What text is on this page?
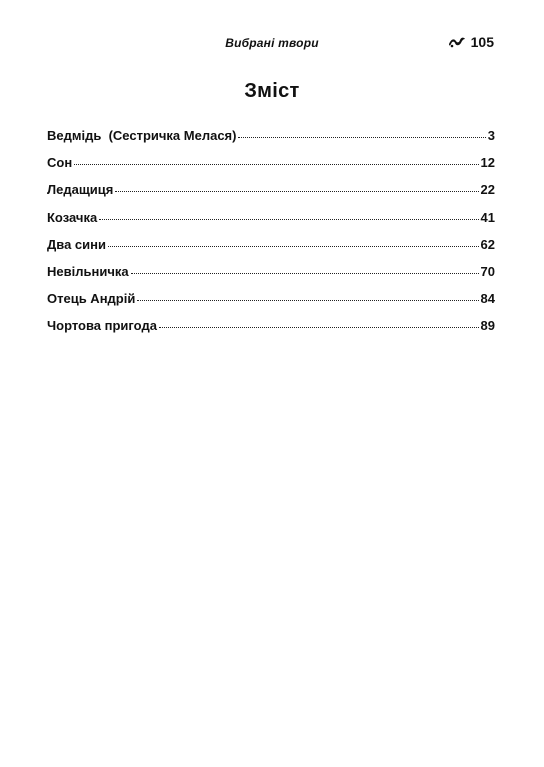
Вибрані твори	105
Зміст
Ведмідь  (Сестричка Мелася)	3
Сон	12
Ледащиця	22
Козачка	41
Два сини	62
Невільничка	70
Отець Андрій	84
Чортова пригода	89
